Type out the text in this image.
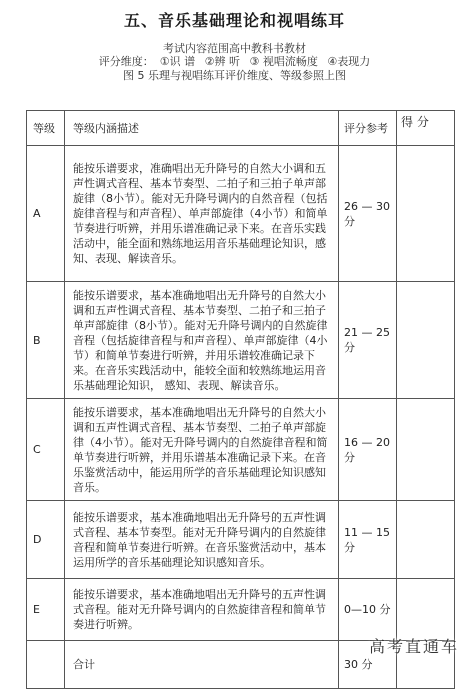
五、音乐基础理论和视唱练耳
考试内容范围高中教科书教材
评分维度： ①识 谱 ②辨 听 ③ 视唱流畅度 ④表现力
图 5 乐理与视唱练耳评价维度、等级参照上图
等级	等级内涵描述	评分参考	得 分
A	能按乐谱要求，准确唱出无升降号的自然大小调和五声性调式音程、基本节奏型、二拍子和三拍子单声部旋律（8小节）。能对无升降号调内的自然音程（包括旋律音程与和声音程）、单声部旋律（4小节）和简单节奏进行听辨，并用乐谱准确记录下来。在音乐实践活动中，能全面和熟练地运用音乐基础理论知识，感知、表现、解读音乐。	26 — 30分	
B	能按乐谱要求，基本准确地唱出无升降号的自然大小调和五声性调式音程、基本节奏型、二拍子和三拍子单声部旋律（8小节）。能对无升降号调内的自然旋律音程（包括旋律音程与和声音程）、单声部旋律（4小节）和简单节奏进行听辨，并用乐谱较准确记录下来。在音乐实践活动中，能较全面和较熟练地运用音乐基础理论知识， 感知、表现、解读音乐。	21 — 25分	
C	能按乐谱要求，基本准确地唱出无升降号的自然大小调和五声性调式音程、基本节奏型、二拍子单声部旋律（4小节）。能对无升降号调内的自然旋律音程和简单节奏进行听辨，并用乐谱基本准确记录下来。在音乐鉴赏活动中，能运用所学的音乐基础理论知识感知音乐。	16 — 20分	
D	能按乐谱要求，基本准确地唱出无升降号的五声性调式音程、基本节奏型。能对无升降号调内的自然旋律音程和简单节奏进行听辨。在音乐鉴赏活动中，基本运用所学的音乐基础理论知识感知音乐。	11 — 15分	
E	能按乐谱要求，基本准确地唱出无升降号的五声性调式音程。能对无升降号调内的自然旋律音程和简单节奏进行听辨。	0—10 分	
	合计	30 分	
高考直通车
